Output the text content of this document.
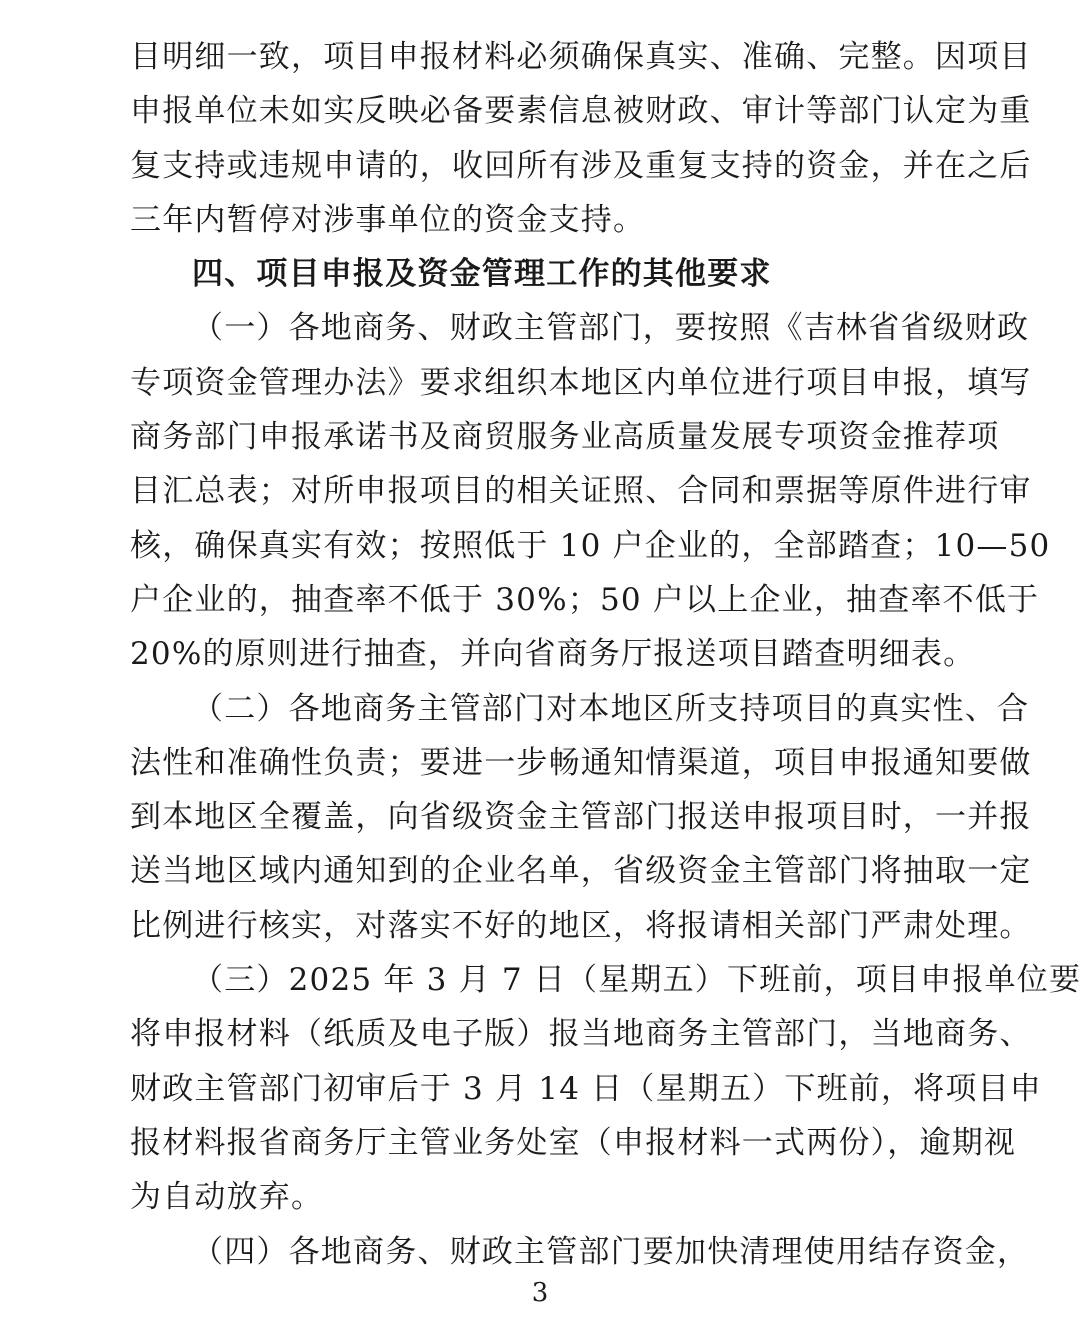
目明细一致，项目申报材料必须确保真实、准确、完整。因项目
申报单位未如实反映必备要素信息被财政、审计等部门认定为重
复支持或违规申请的，收回所有涉及重复支持的资金，并在之后
三年内暂停对涉事单位的资金支持。
四、项目申报及资金管理工作的其他要求
（一）各地商务、财政主管部门，要按照《吉林省省级财政
专项资金管理办法》要求组织本地区内单位进行项目申报，填写
商务部门申报承诺书及商贸服务业高质量发展专项资金推荐项
目汇总表；对所申报项目的相关证照、合同和票据等原件进行审
核，确保真实有效；按照低于 10 户企业的，全部踏查；10—50
户企业的，抽查率不低于 30%；50 户以上企业，抽查率不低于
20%的原则进行抽查，并向省商务厅报送项目踏查明细表。
（二）各地商务主管部门对本地区所支持项目的真实性、合
法性和准确性负责；要进一步畅通知情渠道，项目申报通知要做
到本地区全覆盖，向省级资金主管部门报送申报项目时，一并报
送当地区域内通知到的企业名单，省级资金主管部门将抽取一定
比例进行核实，对落实不好的地区，将报请相关部门严肃处理。
（三）2025 年 3 月 7 日（星期五）下班前，项目申报单位要
将申报材料（纸质及电子版）报当地商务主管部门，当地商务、
财政主管部门初审后于 3 月 14 日（星期五）下班前，将项目申
报材料报省商务厅主管业务处室（申报材料一式两份），逾期视
为自动放弃。
（四）各地商务、财政主管部门要加快清理使用结存资金，
3
